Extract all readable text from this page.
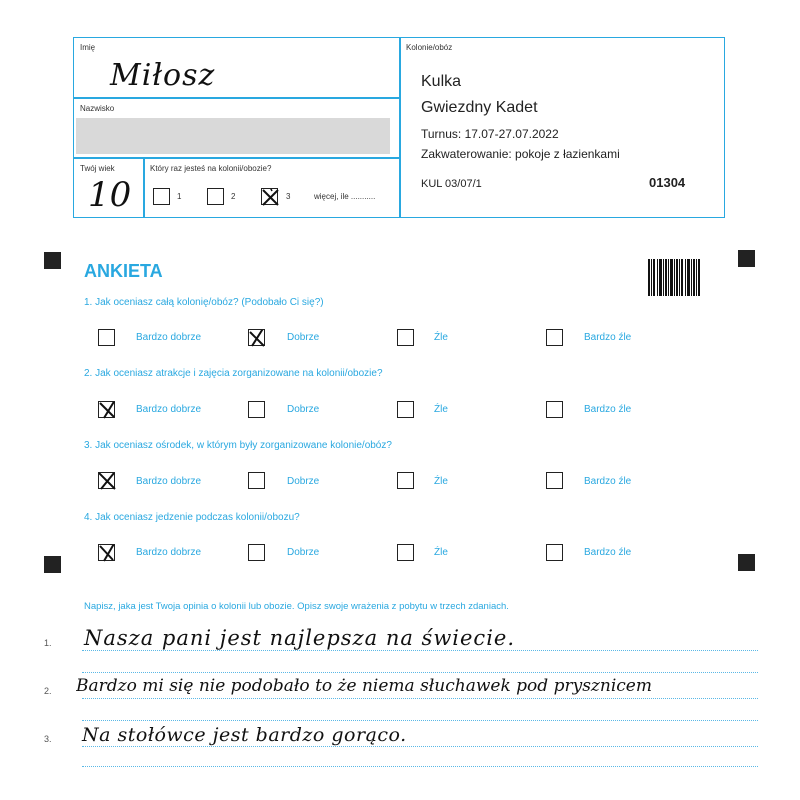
Imię
Miłosz
Nazwisko
Twój wiek
10
Który raz jesteś na kolonii/obozie?
1	2	3	więcej, ile ...........
Kolonie/obóz
Kulka
Gwiezdny Kadet
Turnus: 17.07-27.07.2022
Zakwaterowanie: pokoje z łazienkami
KUL 03/07/1	01304
ANKIETA
1. Jak oceniasz całą kolonię/obóz? (Podobało Ci się?)
Bardzo dobrze	Dobrze	Źle	Bardzo źle
2. Jak oceniasz atrakcje i zajęcia zorganizowane na kolonii/obozie?
Bardzo dobrze	Dobrze	Źle	Bardzo źle
3. Jak oceniasz ośrodek, w którym były zorganizowane kolonie/obóz?
Bardzo dobrze	Dobrze	Źle	Bardzo źle
4. Jak oceniasz jedzenie podczas kolonii/obozu?
Bardzo dobrze	Dobrze	Źle	Bardzo źle
Napisz, jaka jest Twoja opinia o kolonii lub obozie. Opisz swoje wrażenia z pobytu w trzech zdaniach.
1.
2.
3.
Nasza pani jest najlepsza na świecie.
Bardzo mi się nie podobało to że niema słuchawek pod prysznicem
Na stołówce jest bardzo gorąco.
